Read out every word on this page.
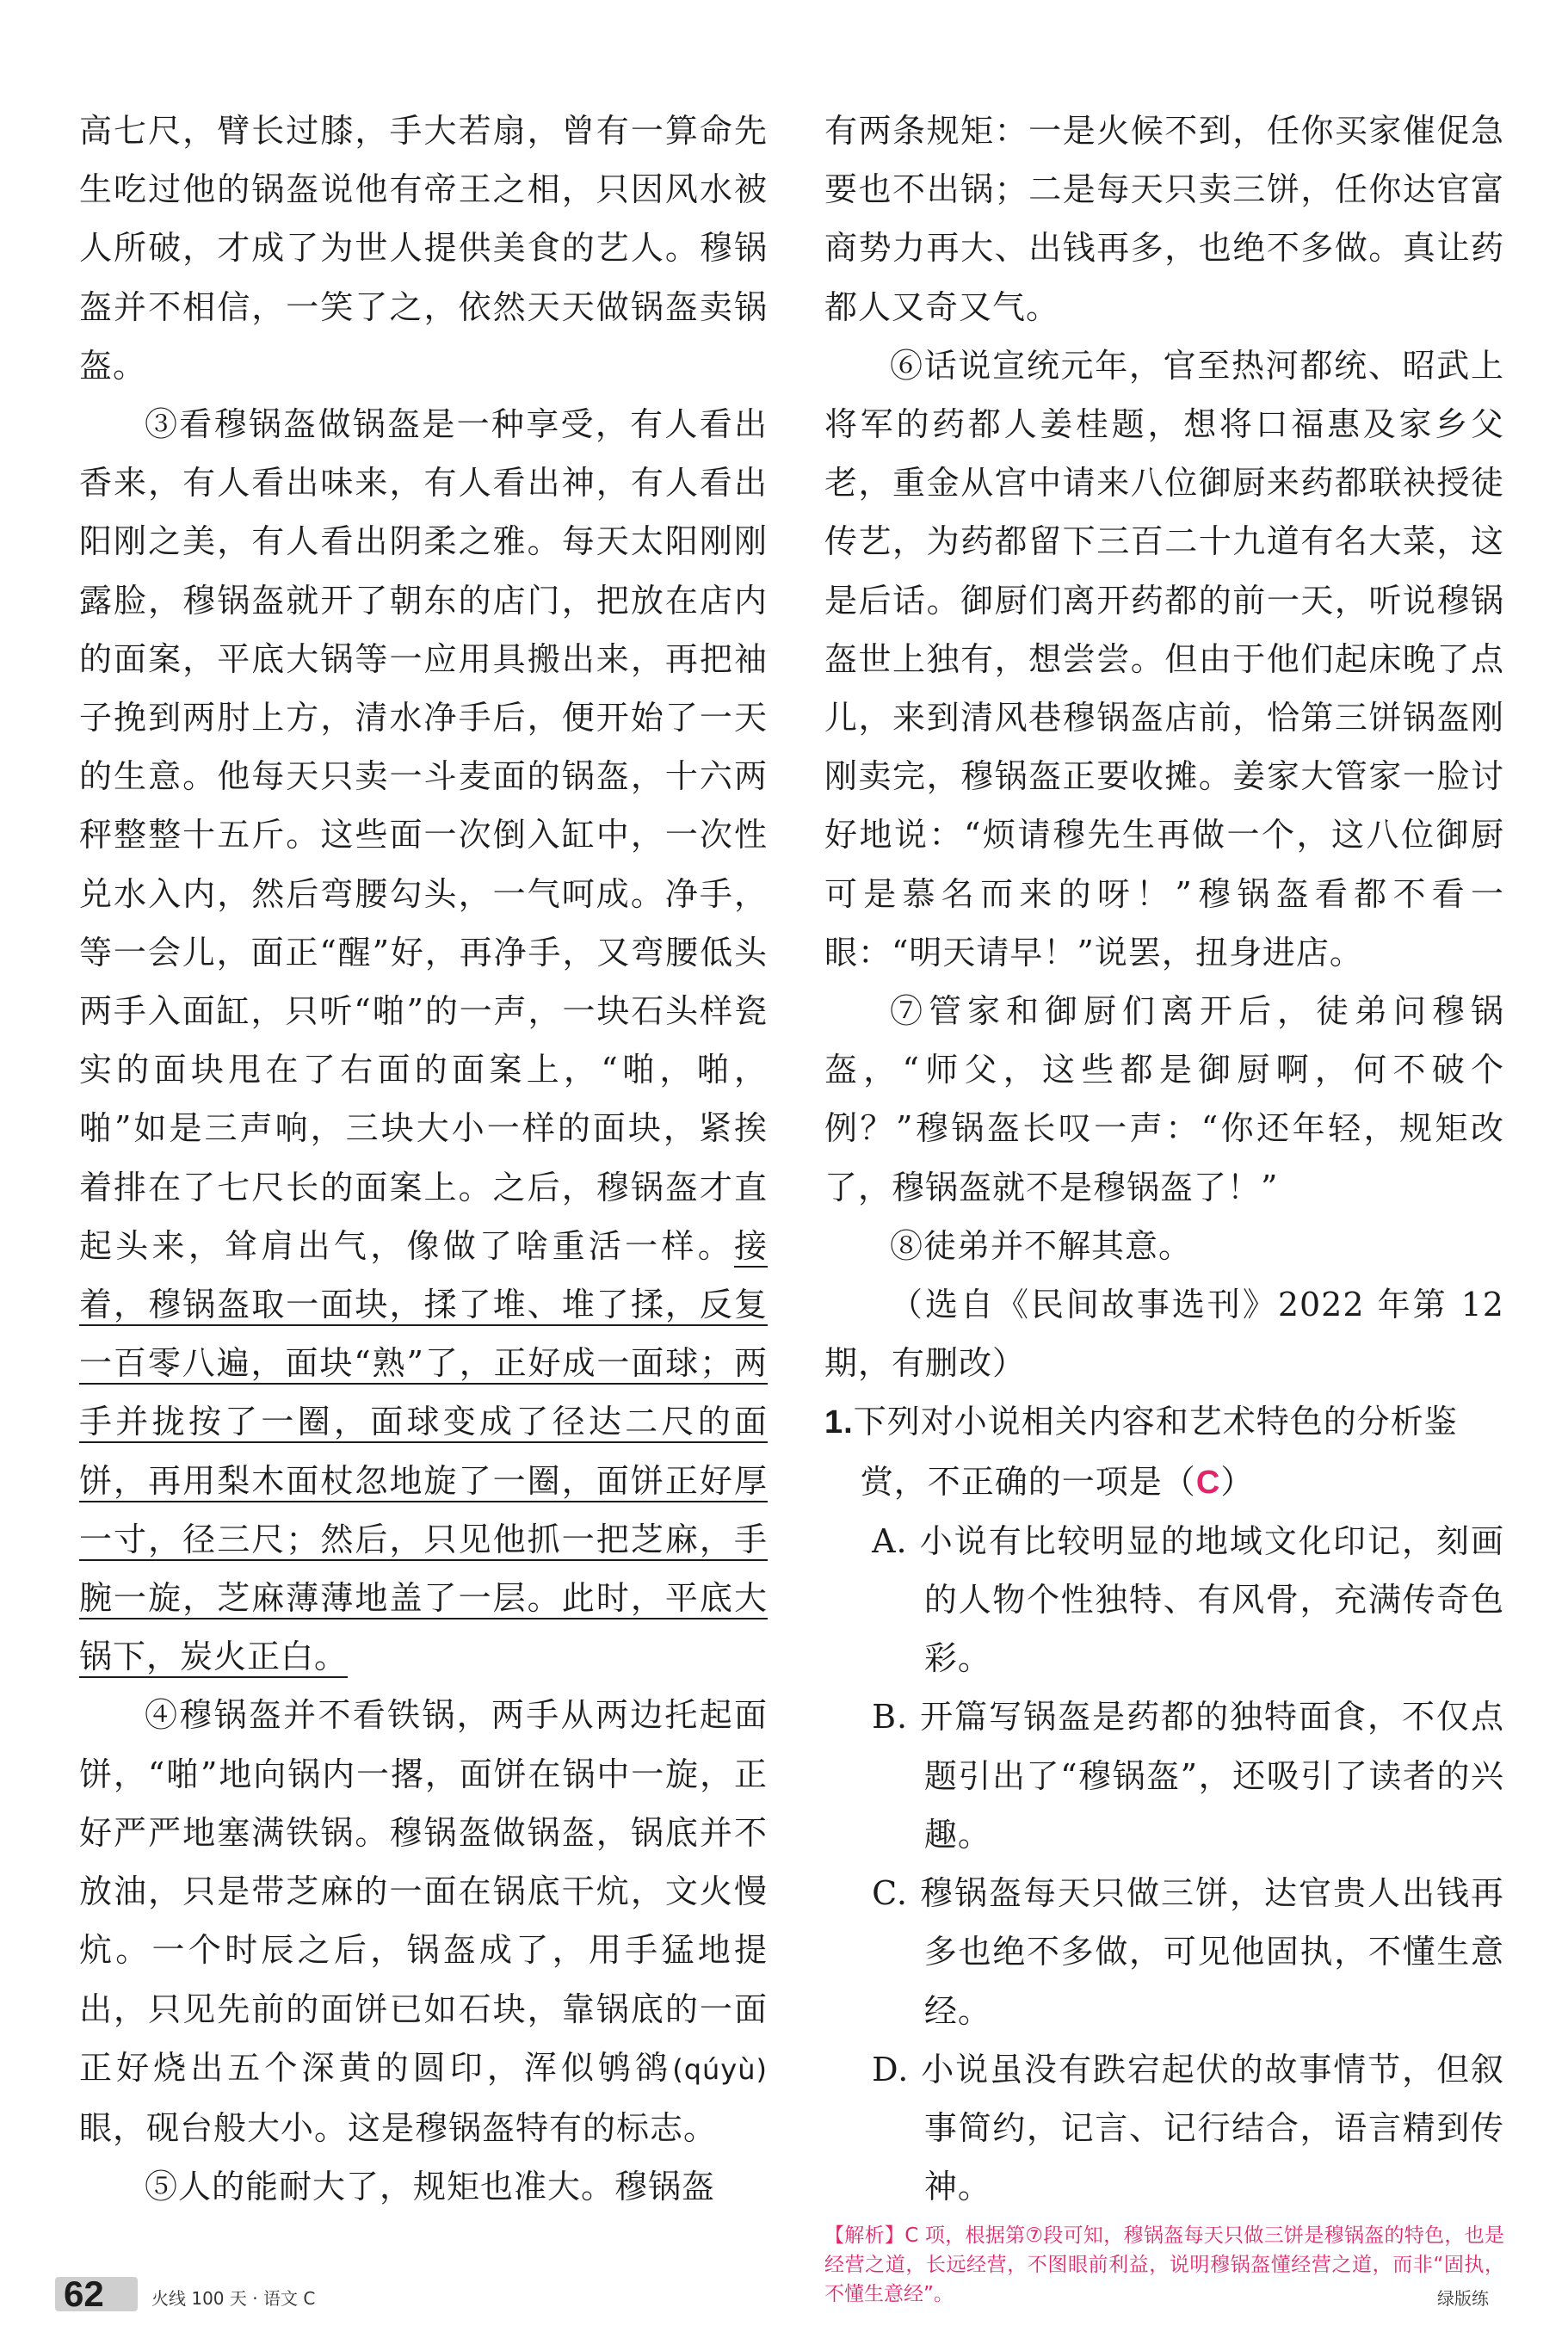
高七尺，臂长过膝，手大若扇，曾有一算命先生吃过他的锅盔说他有帝王之相，只因风水被人所破，才成了为世人提供美食的艺人。穆锅盔并不相信，一笑了之，依然天天做锅盔卖锅盔。

③看穆锅盔做锅盔是一种享受，有人看出香来，有人看出味来，有人看出神，有人看出阳刚之美，有人看出阴柔之雅。每天太阳刚刚露脸，穆锅盔就开了朝东的店门，把放在店内的面案，平底大锅等一应用具搬出来，再把袖子挽到两肘上方，清水净手后，便开始了一天的生意。他每天只卖一斗麦面的锅盔，十六两秤整整十五斤。这些面一次倒入缸中，一次性兑水入内，然后弯腰勾头，一气呵成。净手，等一会儿，面正“醒”好，再净手，又弯腰低头两手入面缸，只听“啪”的一声，一块石头样瓷实的面块甩在了右面的面案上，“啪，啪，啪”如是三声响，三块大小一样的面块，紧挨着排在了七尺长的面案上。之后，穆锅盔才直起头来，耸肩出气，像做了啥重活一样。接着，穆锅盔取一面块，揉了堆、堆了揉，反复一百零八遍，面块“熟”了，正好成一面球；两手并拢按了一圈，面球变成了径达二尺的面饼，再用梨木面杖忽地旋了一圈，面饼正好厚一寸，径三尺；然后，只见他抓一把芝麻，手腕一旋，芝麻薄薄地盖了一层。此时，平底大锅下，炭火正白。

④穆锅盔并不看铁锅，两手从两边托起面饼，“啪”地向锅内一撂，面饼在锅中一旋，正好严严地塞满铁锅。穆锅盔做锅盔，锅底并不放油，只是带芝麻的一面在锅底干炕，文火慢炕。一个时辰之后，锅盔成了，用手猛地提出，只见先前的面饼已如石块，靠锅底的一面正好烧出五个深黄的圆印，浑似鸲鹆(qúyù)眼，砚台般大小。这是穆锅盔特有的标志。

⑤人的能耐大了，规矩也准大。穆锅盔

有两条规矩：一是火候不到，任你买家催促急要也不出锅；二是每天只卖三饼，任你达官富商势力再大、出钱再多，也绝不多做。真让药都人又奇又气。

⑥话说宣统元年，官至热河都统、昭武上将军的药都人姜桂题，想将口福惠及家乡父老，重金从宫中请来八位御厨来药都联袂授徒传艺，为药都留下三百二十九道有名大菜，这是后话。御厨们离开药都的前一天，听说穆锅盔世上独有，想尝尝。但由于他们起床晚了点儿，来到清风巷穆锅盔店前，恰第三饼锅盔刚刚卖完，穆锅盔正要收摊。姜家大管家一脸讨好地说：“烦请穆先生再做一个，这八位御厨可是慕名而来的呀！”穆锅盔看都不看一眼：“明天请早！”说罢，扭身进店。

⑦管家和御厨们离开后，徒弟问穆锅盔，“师父，这些都是御厨啊，何不破个例？”穆锅盔长叹一声：“你还年轻，规矩改了，穆锅盔就不是穆锅盔了！”

⑧徒弟并不解其意。

（选自《民间故事选刊》2022 年第 12 期，有删改）

1.下列对小说相关内容和艺术特色的分析鉴赏，不正确的一项是（C）

A. 小说有比较明显的地域文化印记，刻画的人物个性独特、有风骨，充满传奇色彩。

B. 开篇写锅盔是药都的独特面食，不仅点题引出了“穆锅盔”，还吸引了读者的兴趣。

C. 穆锅盔每天只做三饼，达官贵人出钱再多也绝不多做，可见他固执，不懂生意经。

D. 小说虽没有跌宕起伏的故事情节，但叙事简约，记言、记行结合，语言精到传神。

【解析】C 项，根据第⑦段可知，穆锅盔每天只做三饼是穆锅盔的特色，也是经营之道，长远经营，不图眼前利益，说明穆锅盔懂经营之道，而非“固执，不懂生意经”。

62	火线 100 天 · 语文 C	绿版练
